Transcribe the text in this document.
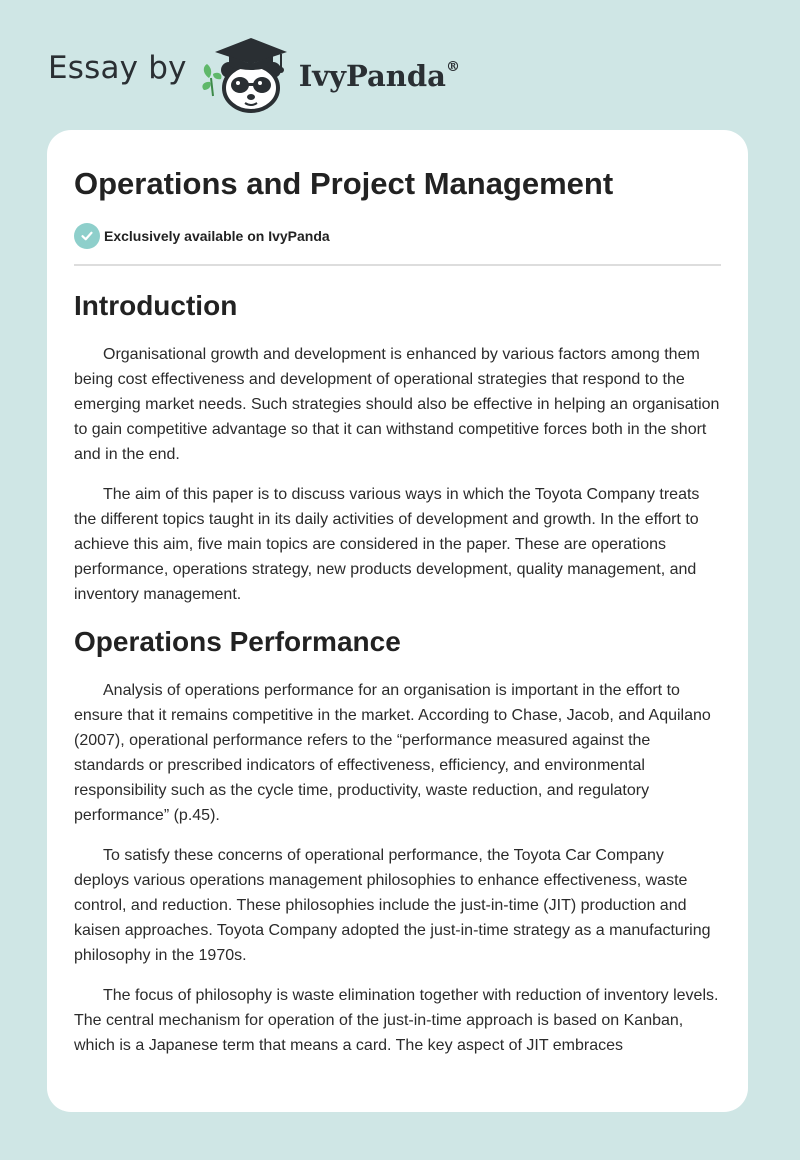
Essay by	IvyPanda®
Operations and Project Management
Exclusively available on IvyPanda
Introduction

Organisational growth and development is enhanced by various factors among them being cost effectiveness and development of operational strategies that respond to the emerging market needs. Such strategies should also be effective in helping an organisation to gain competitive advantage so that it can withstand competitive forces both in the short and in the end.

The aim of this paper is to discuss various ways in which the Toyota Company treats the different topics taught in its daily activities of development and growth. In the effort to achieve this aim, five main topics are considered in the paper. These are operations performance, operations strategy, new products development, quality management, and inventory management.

Operations Performance

Analysis of operations performance for an organisation is important in the effort to ensure that it remains competitive in the market. According to Chase, Jacob, and Aquilano (2007), operational performance refers to the “performance measured against the standards or prescribed indicators of effectiveness, efficiency, and environmental responsibility such as the cycle time, productivity, waste reduction, and regulatory performance” (p.45).

To satisfy these concerns of operational performance, the Toyota Car Company deploys various operations management philosophies to enhance effectiveness, waste control, and reduction. These philosophies include the just-in-time (JIT) production and kaisen approaches. Toyota Company adopted the just-in-time strategy as a manufacturing philosophy in the 1970s.

The focus of philosophy is waste elimination together with reduction of inventory levels. The central mechanism for operation of the just-in-time approach is based on Kanban, which is a Japanese term that means a card. The key aspect of JIT embraces
